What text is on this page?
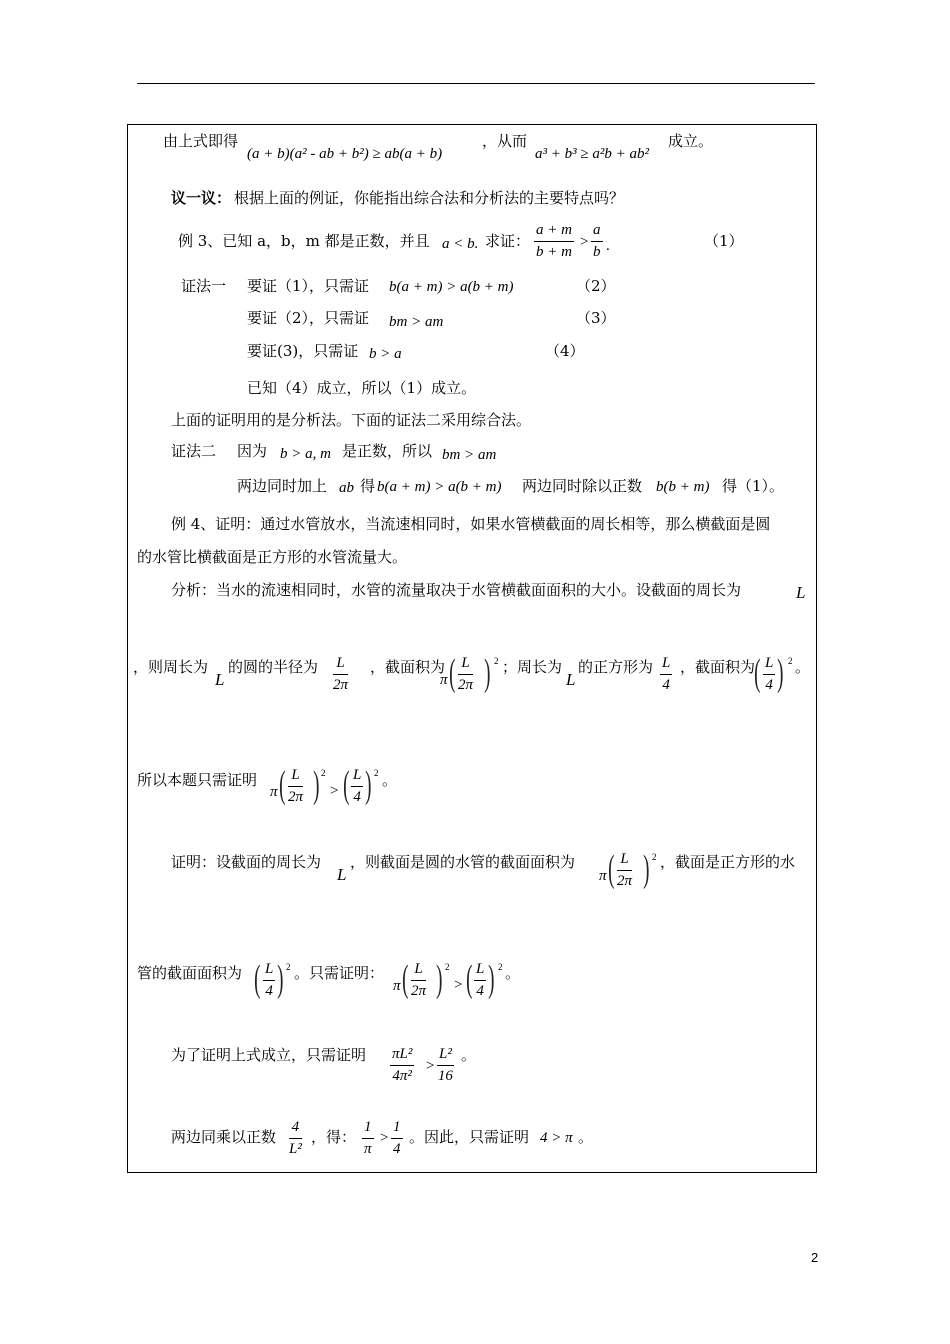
由上式即得
(a + b)(a² - ab + b²) ≥ ab(a + b)
，从而
a³ + b³ ≥ a²b + ab²
成立。
议一议： 根据上面的例证，你能指出综合法和分析法的主要特点吗？
例 3、已知 a，b，m 都是正数，并且 a < b. 求证： $\frac{a + m}{b + m} > \frac{a}{b}$ .	（1）
证法一 要证（1），只需证 b(a + m) > a(b + m)	（2）
要证（2），只需证 bm > am	（3）
要证(3)，只需证 b > a	（4）
已知（4）成立，所以（1）成立。
上面的证明用的是分析法。下面的证法二采用综合法。
证法二 因为 b > a, m 是正数，所以 bm > am
两边同时加上 ab 得 b(a + m) > a(b + m) 两边同时除以正数 b(b + m) 得（1）。
例 4、证明：通过水管放水，当流速相同时，如果水管横截面的周长相等，那么横截面是圆
的水管比横截面是正方形的水管流量大。
分析：当水的流速相同时，水管的流量取决于水管横截面面积的大小。设截面的周长为	L
，则周长为
L
的圆的半径为 $\frac{L}{2\pi}$ ，截面积为
π ( $\frac{L}{2\pi}$ ) 2 ；周长为
L
的正方形为 $\frac{L}{4}$ ，截面积为 ( $\frac{L}{4}$ ) 2 。
所以本题只需证明
π ( $\frac{L}{2\pi}$ ) 2
> ( $\frac{L}{4}$ ) 2 。
证明：设截面的周长为
L
，则截面是圆的水管的截面面积为
π ( $\frac{L}{2\pi}$ ) 2 ，截面是正方形的水
管的截面面积为 ( $\frac{L}{4}$ ) 2 。只需证明：
π ( $\frac{L}{2\pi}$ ) 2
> ( $\frac{L}{4}$ ) 2 。
为了证明上式成立，只需证明 $\frac{\text{πL²}}{\text{4π²}} > \frac{\text{L²}}{16}$ 。
两边同乘以正数 $\frac{4}{\text{L²}}$ ，得： $\frac{1}{\pi} > \frac{1}{4}$ 。因此，只需证明 4 > π 。
2
